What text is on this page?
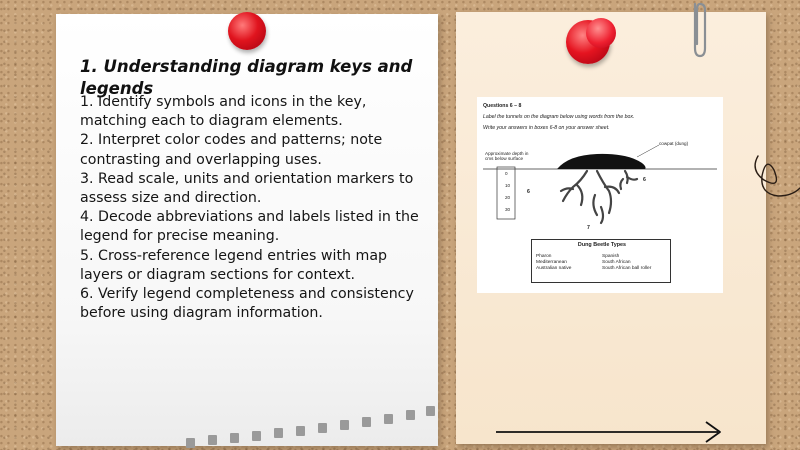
1. Understanding diagram keys and legends
1. Identify symbols and icons in the key, matching each to diagram elements.
2. Interpret color codes and patterns; note contrasting and overlapping uses.
3. Read scale, units and orientation markers to assess size and direction.
4. Decode abbreviations and labels listed in the legend for precise meaning.
5. Cross-reference legend entries with map layers or diagram sections for context.
6. Verify legend completeness and consistency before using diagram information.
Questions 6 – 8
Label the tunnels on the diagram below using words from the box.
Write your answers in boxes 6-8 on your answer sheet.
Approximate depth in cms below surface
cowpat (dung)
0
10
20
30
6
6
7
Dung Beetle Types
Pharon
Mediterranean
Australian native
Spanish
South African
South African ball roller
